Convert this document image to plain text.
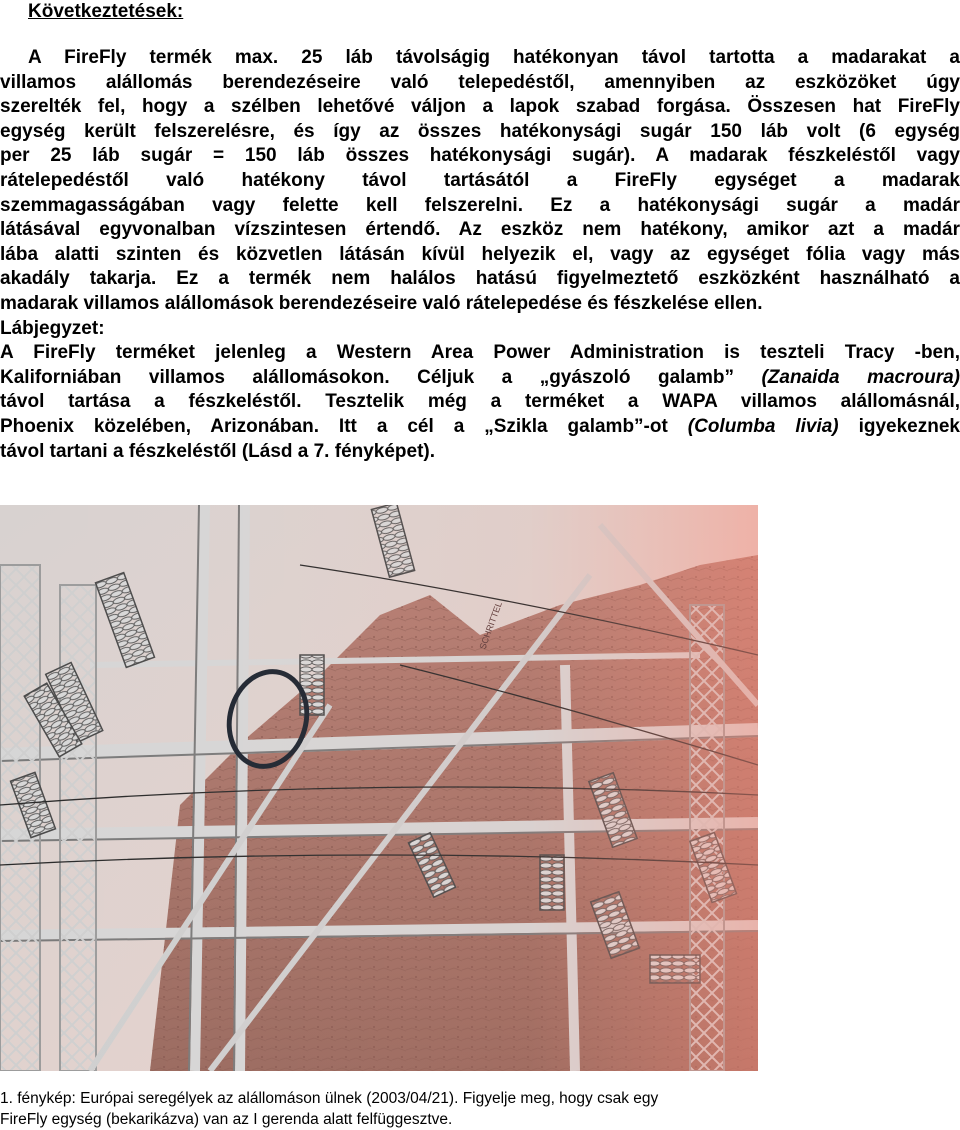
Következtetések:
A FireFly termék max. 25 láb távolságig hatékonyan távol tartotta a madarakat a
villamos alállomás berendezéseire való telepedéstől, amennyiben az eszközöket úgy
szerelték fel, hogy a szélben lehetővé váljon a lapok szabad forgása. Összesen hat FireFly
egység került felszerelésre, és így az összes hatékonysági sugár 150 láb volt (6 egység
per 25 láb sugár = 150 láb összes hatékonysági sugár). A madarak fészkeléstől vagy
rátelepedéstől való hatékony távol tartásától a FireFly egységet a madarak
szemmagasságában vagy felette kell felszerelni. Ez a hatékonysági sugár a madár
látásával egyvonalban vízszintesen értendő. Az eszköz nem hatékony, amikor azt a madár
lába alatti szinten és közvetlen látásán kívül helyezik el, vagy az egységet fólia vagy más
akadály takarja. Ez a termék nem halálos hatású figyelmeztető eszközként használható a
madarak villamos alállomások berendezéseire való rátelepedése és fészkelése ellen.
Lábjegyzet:
A FireFly terméket jelenleg a Western Area Power Administration is teszteli Tracy -ben,
Kaliforniában villamos alállomásokon. Céljuk a „gyászoló galamb” (Zanaida macroura)
távol tartása a fészkeléstől. Tesztelik még a terméket a WAPA villamos alállomásnál,
Phoenix közelében, Arizonában. Itt a cél a „Szikla galamb”-ot (Columba livia) igyekeznek
távol tartani a fészkeléstől (Lásd a 7. fényképet).
1. fénykép: Európai seregélyek az alállomáson ülnek (2003/04/21). Figyelje meg, hogy csak egy
FireFly egység (bekarikázva) van az I gerenda alatt felfüggesztve.
